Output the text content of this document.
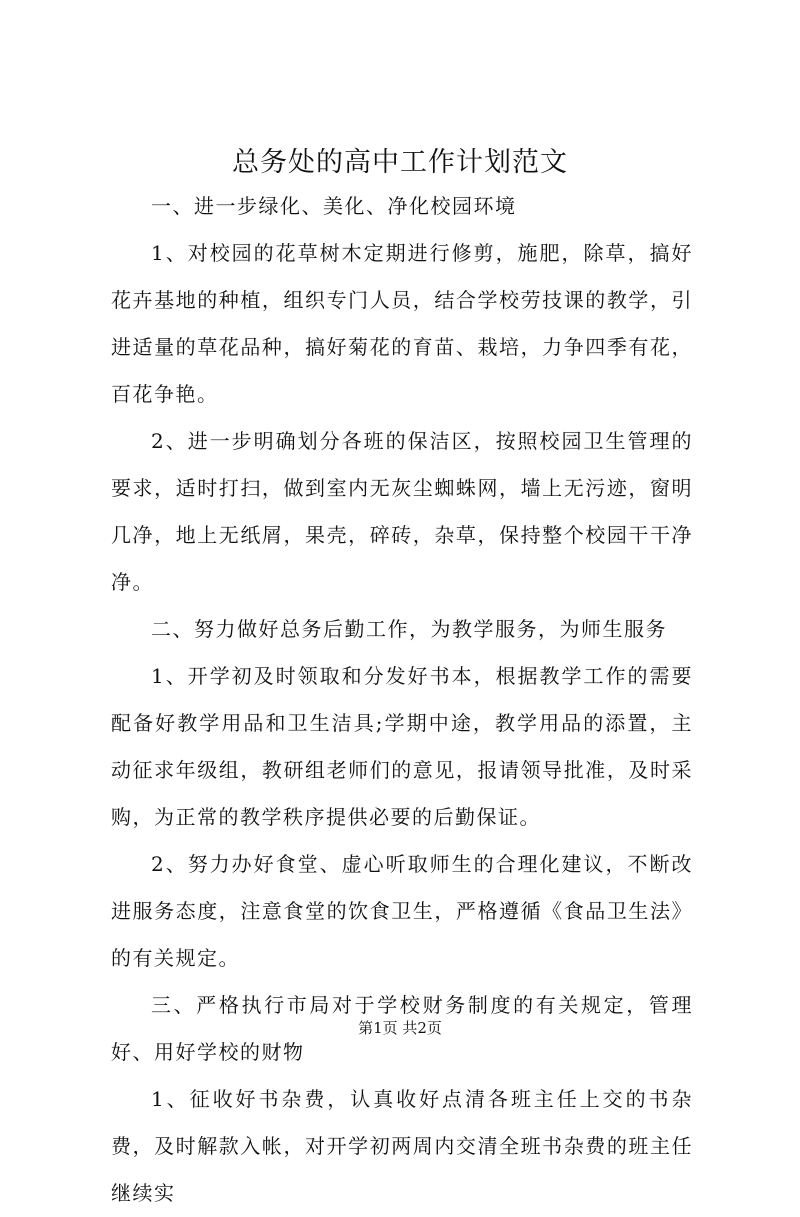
总务处的高中工作计划范文

一、进一步绿化、美化、净化校园环境

1、对校园的花草树木定期进行修剪，施肥，除草，搞好花卉基地的种植，组织专门人员，结合学校劳技课的教学，引进适量的草花品种，搞好菊花的育苗、栽培，力争四季有花，百花争艳。

2、进一步明确划分各班的保洁区，按照校园卫生管理的要求，适时打扫，做到室内无灰尘蜘蛛网，墙上无污迹，窗明几净，地上无纸屑，果壳，碎砖，杂草，保持整个校园干干净净。

二、努力做好总务后勤工作，为教学服务，为师生服务

1、开学初及时领取和分发好书本，根据教学工作的需要配备好教学用品和卫生洁具;学期中途，教学用品的添置，主动征求年级组，教研组老师们的意见，报请领导批准，及时采购，为正常的教学秩序提供必要的后勤保证。

2、努力办好食堂、虚心听取师生的合理化建议，不断改进服务态度，注意食堂的饮食卫生，严格遵循《食品卫生法》的有关规定。

三、严格执行市局对于学校财务制度的有关规定，管理好、用好学校的财物

1、征收好书杂费，认真收好点清各班主任上交的书杂费，及时解款入帐，对开学初两周内交清全班书杂费的班主任继续实

第1页 共2页
